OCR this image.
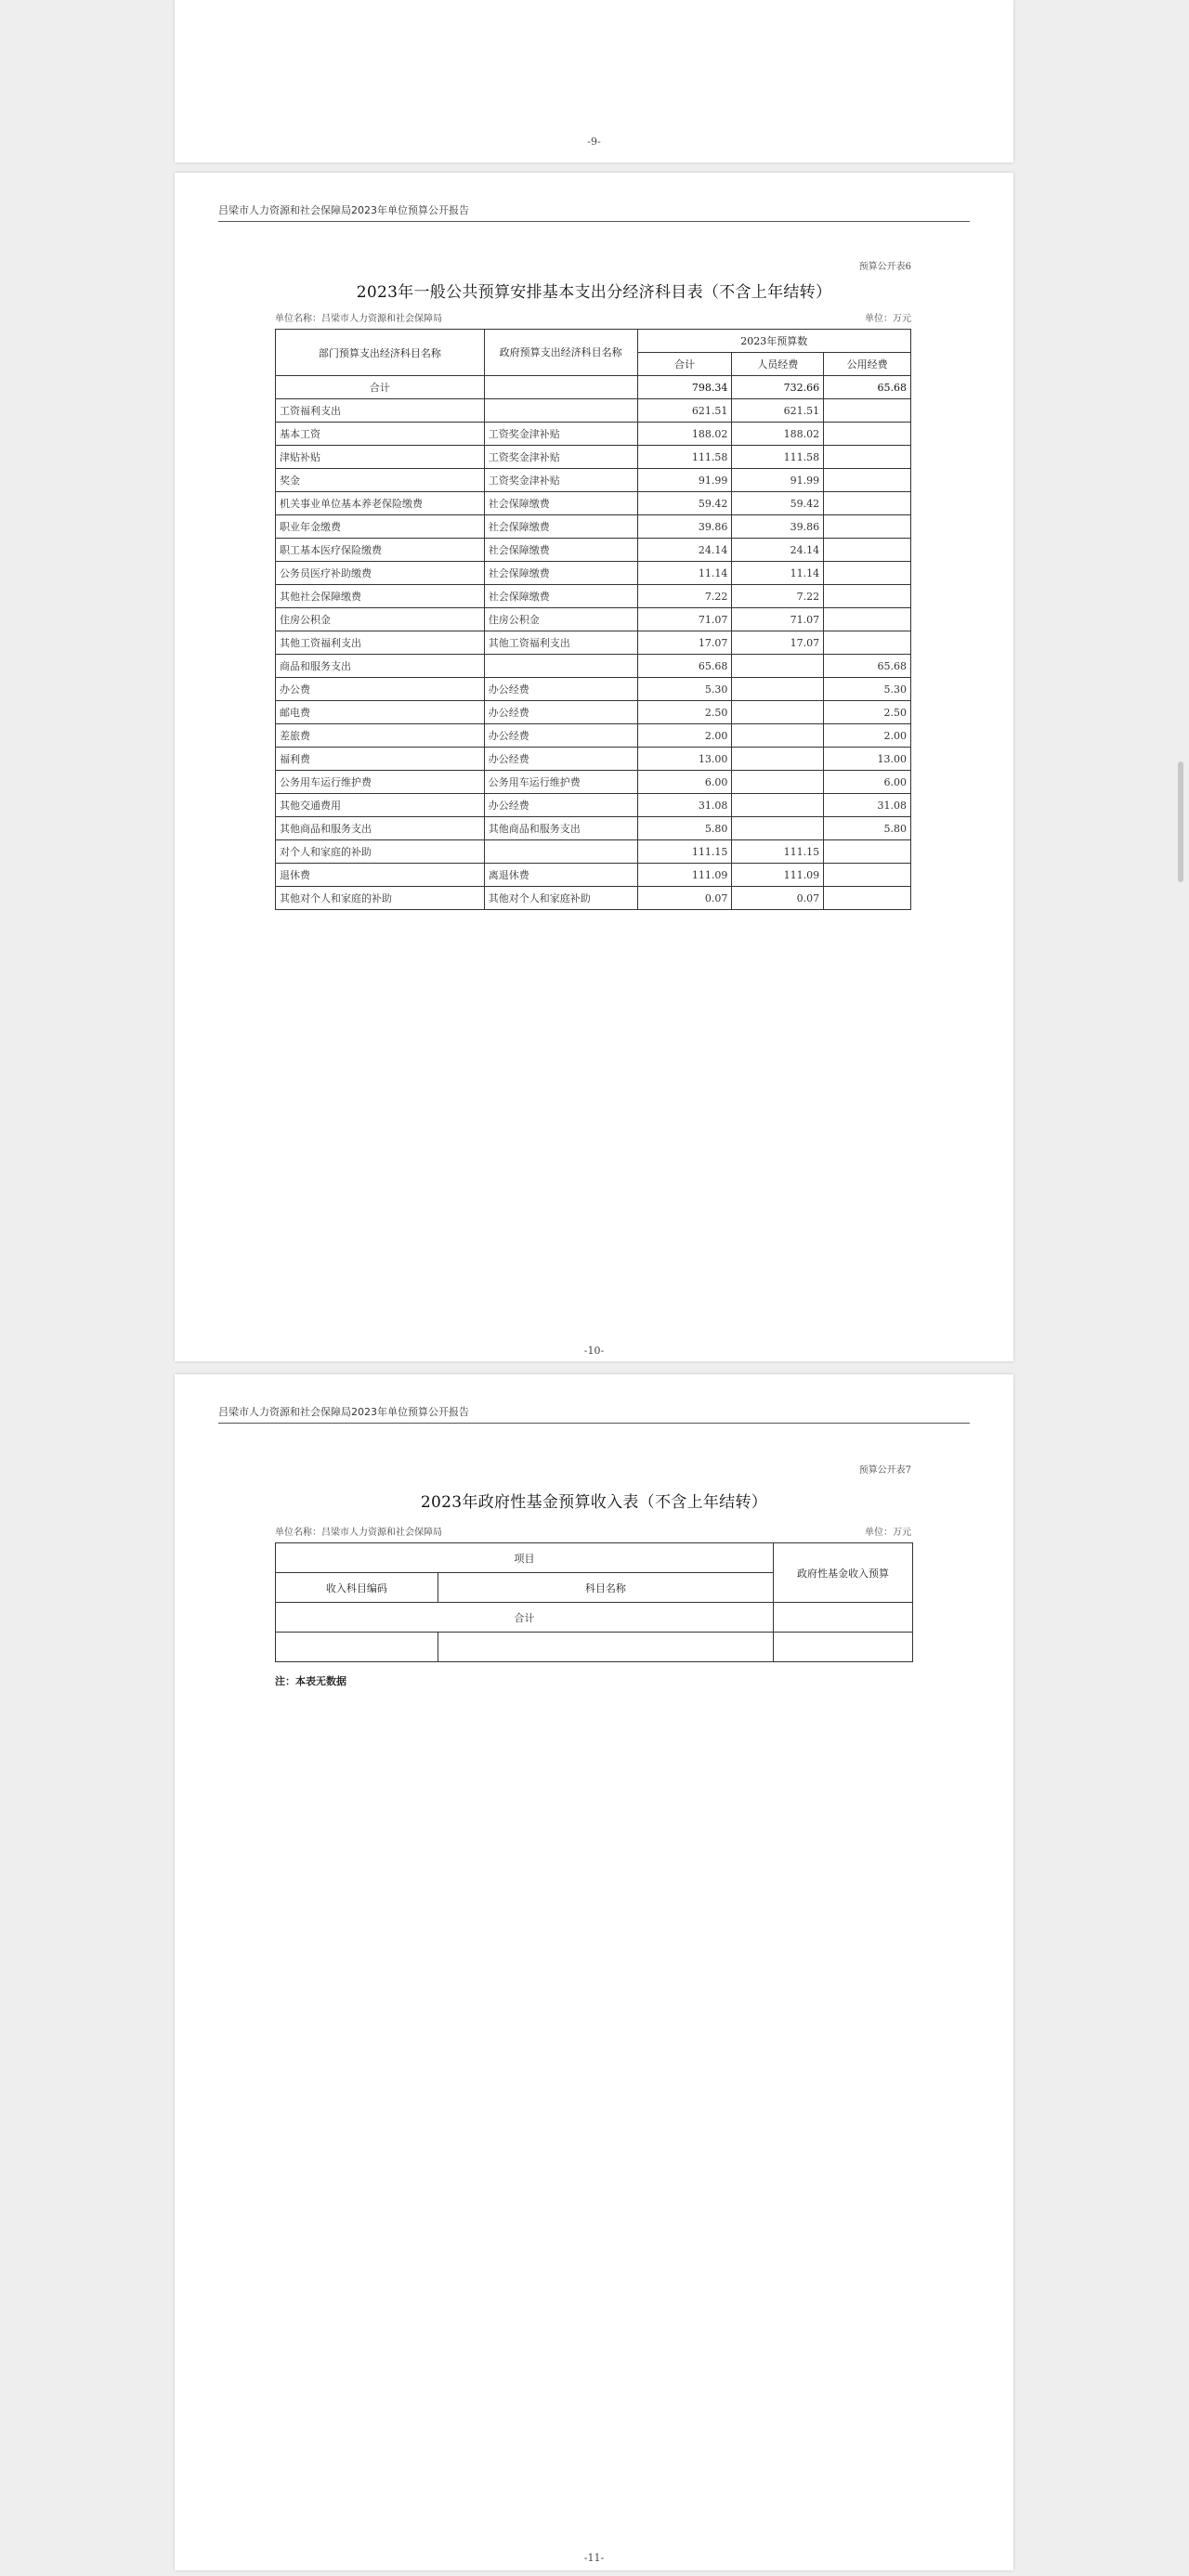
-9-
吕梁市人力资源和社会保障局2023年单位预算公开报告
预算公开表6
2023年一般公共预算安排基本支出分经济科目表（不含上年结转）
单位名称：吕梁市人力资源和社会保障局	单位：万元
部门预算支出经济科目名称	政府预算支出经济科目名称	2023年预算数		
		合计	人员经费	公用经费
合计		798.34	732.66	65.68
工资福利支出		621.51	621.51	
基本工资	工资奖金津补贴	188.02	188.02	
津贴补贴	工资奖金津补贴	111.58	111.58	
奖金	工资奖金津补贴	91.99	91.99	
机关事业单位基本养老保险缴费	社会保障缴费	59.42	59.42	
职业年金缴费	社会保障缴费	39.86	39.86	
职工基本医疗保险缴费	社会保障缴费	24.14	24.14	
公务员医疗补助缴费	社会保障缴费	11.14	11.14	
其他社会保障缴费	社会保障缴费	7.22	7.22	
住房公积金	住房公积金	71.07	71.07	
其他工资福利支出	其他工资福利支出	17.07	17.07	
商品和服务支出		65.68		65.68
办公费	办公经费	5.30		5.30
邮电费	办公经费	2.50		2.50
差旅费	办公经费	2.00		2.00
福利费	办公经费	13.00		13.00
公务用车运行维护费	公务用车运行维护费	6.00		6.00
其他交通费用	办公经费	31.08		31.08
其他商品和服务支出	其他商品和服务支出	5.80		5.80
对个人和家庭的补助		111.15	111.15	
退休费	离退休费	111.09	111.09	
其他对个人和家庭的补助	其他对个人和家庭补助	0.07	0.07	
-10-
吕梁市人力资源和社会保障局2023年单位预算公开报告
预算公开表7
2023年政府性基金预算收入表（不含上年结转）
单位名称：吕梁市人力资源和社会保障局	单位：万元
项目		政府性基金收入预算
收入科目编码	科目名称	
合计		

注：本表无数据
-11-
